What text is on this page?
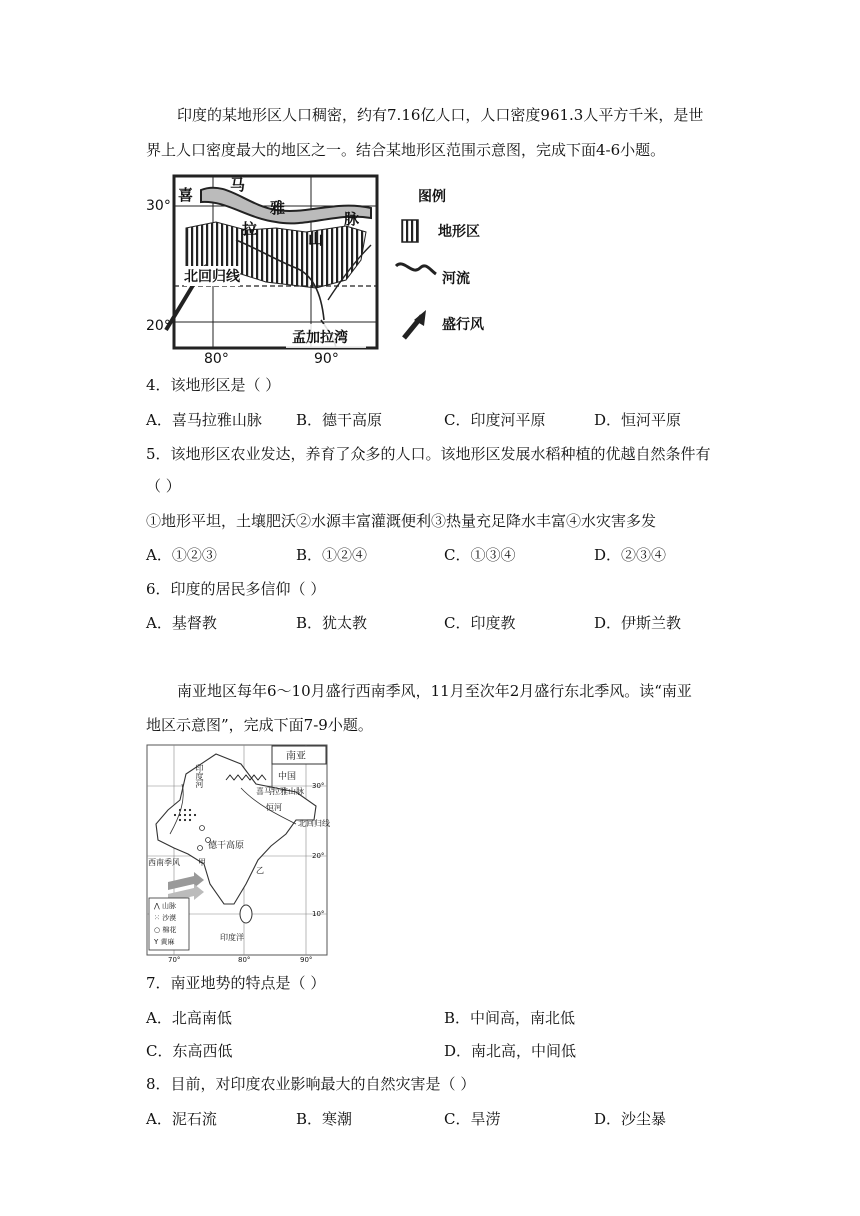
印度的某地形区人口稠密，约有7.16亿人口，人口密度961.3人平方千米，是世
界上人口密度最大的地区之一。结合某地形区范围示意图，完成下面4-6小题。
30°
20°
80°	90°
喜
马
拉
雅
山
脉
北回归线
孟加拉湾
图例
地形区
河流
盛行风
4．该地形区是（ ）
A．喜马拉雅山脉 B．德干高原	C．印度河平原	D．恒河平原
5．该地形区农业发达，养育了众多的人口。该地形区发展水稻种植的优越自然条件有
（ ）
①地形平坦，土壤肥沃②水源丰富灌溉便利③热量充足降水丰富④水灾害多发
A．①②③	B．①②④	C．①③④	D．②③④
6．印度的居民多信仰（ ）
A．基督教	B．犹太教	C．印度教	D．伊斯兰教
南亚地区每年6～10月盛行西南季风，11月至次年2月盛行东北季风。读“南亚
地区示意图”，完成下面7-9小题。
南亚
中国
喜马拉雅山脉
恒河
北回归线
印度河
德干高原
西南季风 甲
乙
印度洋
30°
20°
10°
70°	80°	90°
⋀ 山脉
⁙ 沙漠
○ 棉花
Y 黄麻
7．南亚地势的特点是（ ）
A．北高南低	B．中间高，南北低
C．东高西低	D．南北高，中间低
8．目前，对印度农业影响最大的自然灾害是（ ）
A．泥石流	B．寒潮	C．旱涝	D．沙尘暴
